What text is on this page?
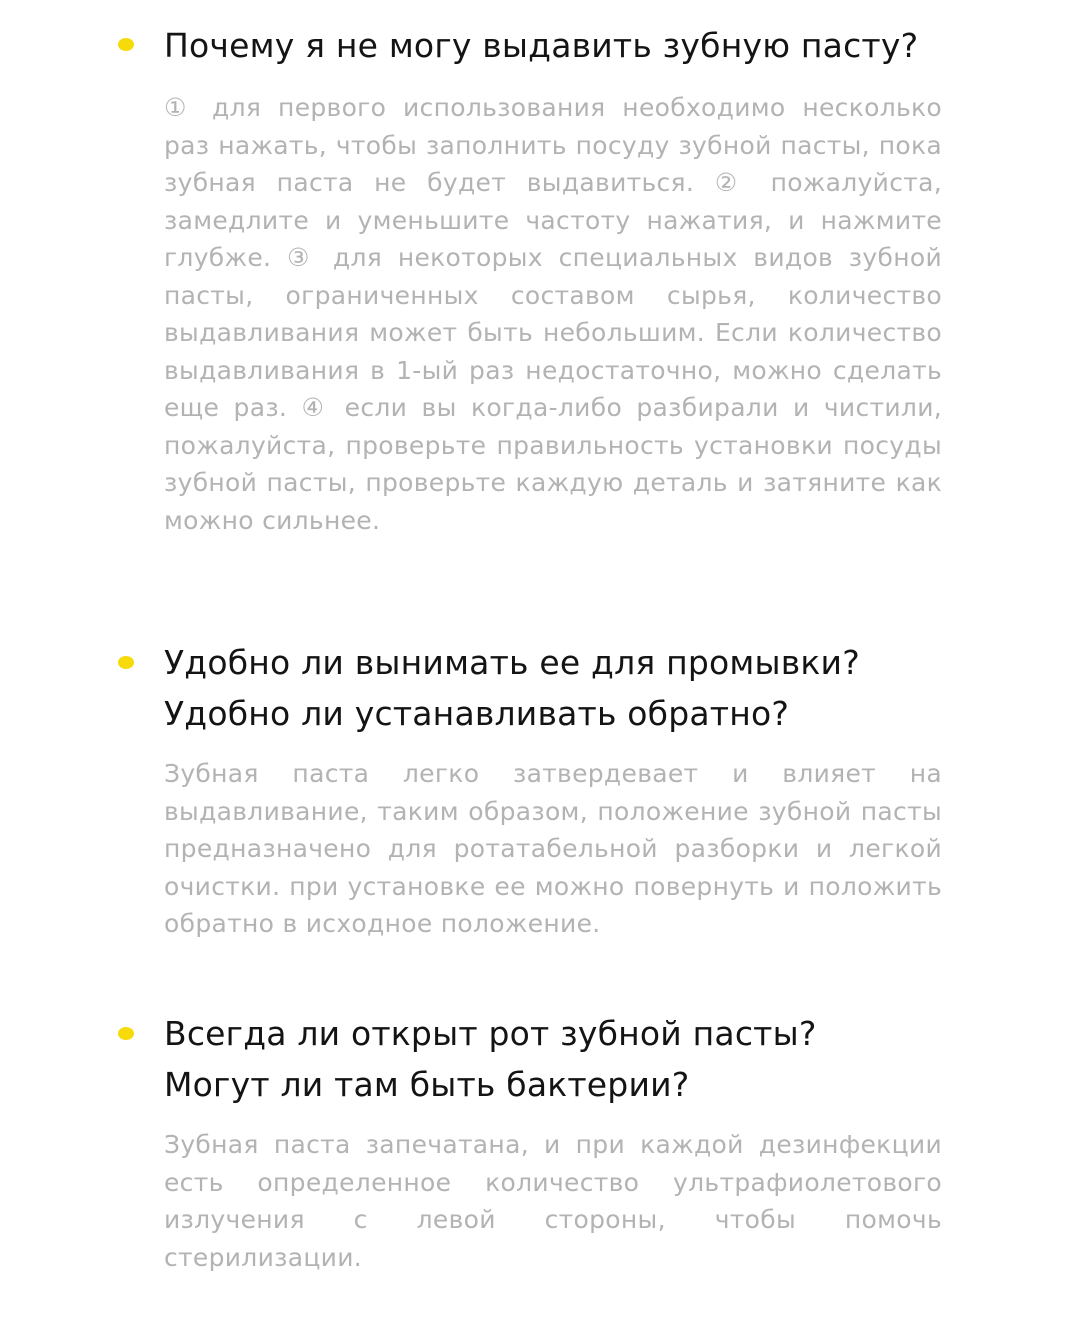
Почему я не могу выдавить зубную пасту?

① для первого использования необходимо несколько раз нажать, чтобы заполнить посуду зубной пасты, пока зубная паста не будет выдавиться. ② пожалуйста, замедлите и уменьшите частоту нажатия, и нажмите глубже. ③ для некоторых специальных видов зубной пасты, ограниченных составом сырья, количество выдавливания может быть небольшим. Если количество выдавливания в 1-ый раз недостаточно, можно сделать еще раз. ④ если вы когда-либо разбирали и чистили, пожалуйста, проверьте правильность установки посуды зубной пасты, проверьте каждую деталь и затяните как можно сильнее.

Удобно ли вынимать ее для промывки? Удобно ли устанавливать обратно?

Зубная паста легко затвердевает и влияет на выдавливание, таким образом, положение зубной пасты предназначено для ротатабельной разборки и легкой очистки. при установке ее можно повернуть и положить обратно в исходное положение.

Всегда ли открыт рот зубной пасты? Могут ли там быть бактерии?

Зубная паста запечатана, и при каждой дезинфекции есть определенное количество ультрафиолетового излучения с левой стороны, чтобы помочь стерилизации.
